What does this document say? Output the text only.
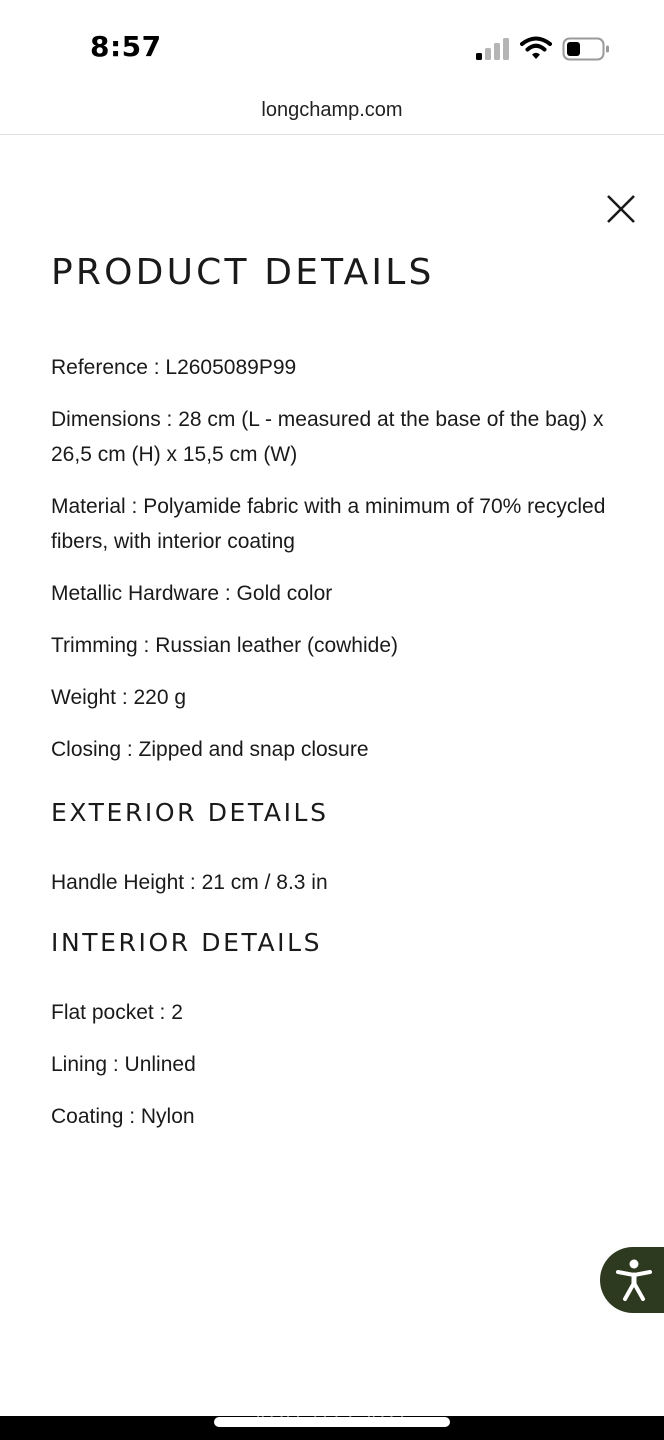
8:57
longchamp.com
PRODUCT DETAILS

Reference : L2605089P99

Dimensions : 28 cm (L - measured at the base of the bag) x 26,5 cm (H) x 15,5 cm (W)

Material : Polyamide fabric with a minimum of 70% recycled fibers, with interior coating

Metallic Hardware : Gold color

Trimming : Russian leather (cowhide)

Weight : 220 g

Closing : Zipped and snap closure

EXTERIOR DETAILS

Handle Height : 21 cm / 8.3 in

INTERIOR DETAILS

Flat pocket : 2

Lining : Unlined

Coating : Nylon
